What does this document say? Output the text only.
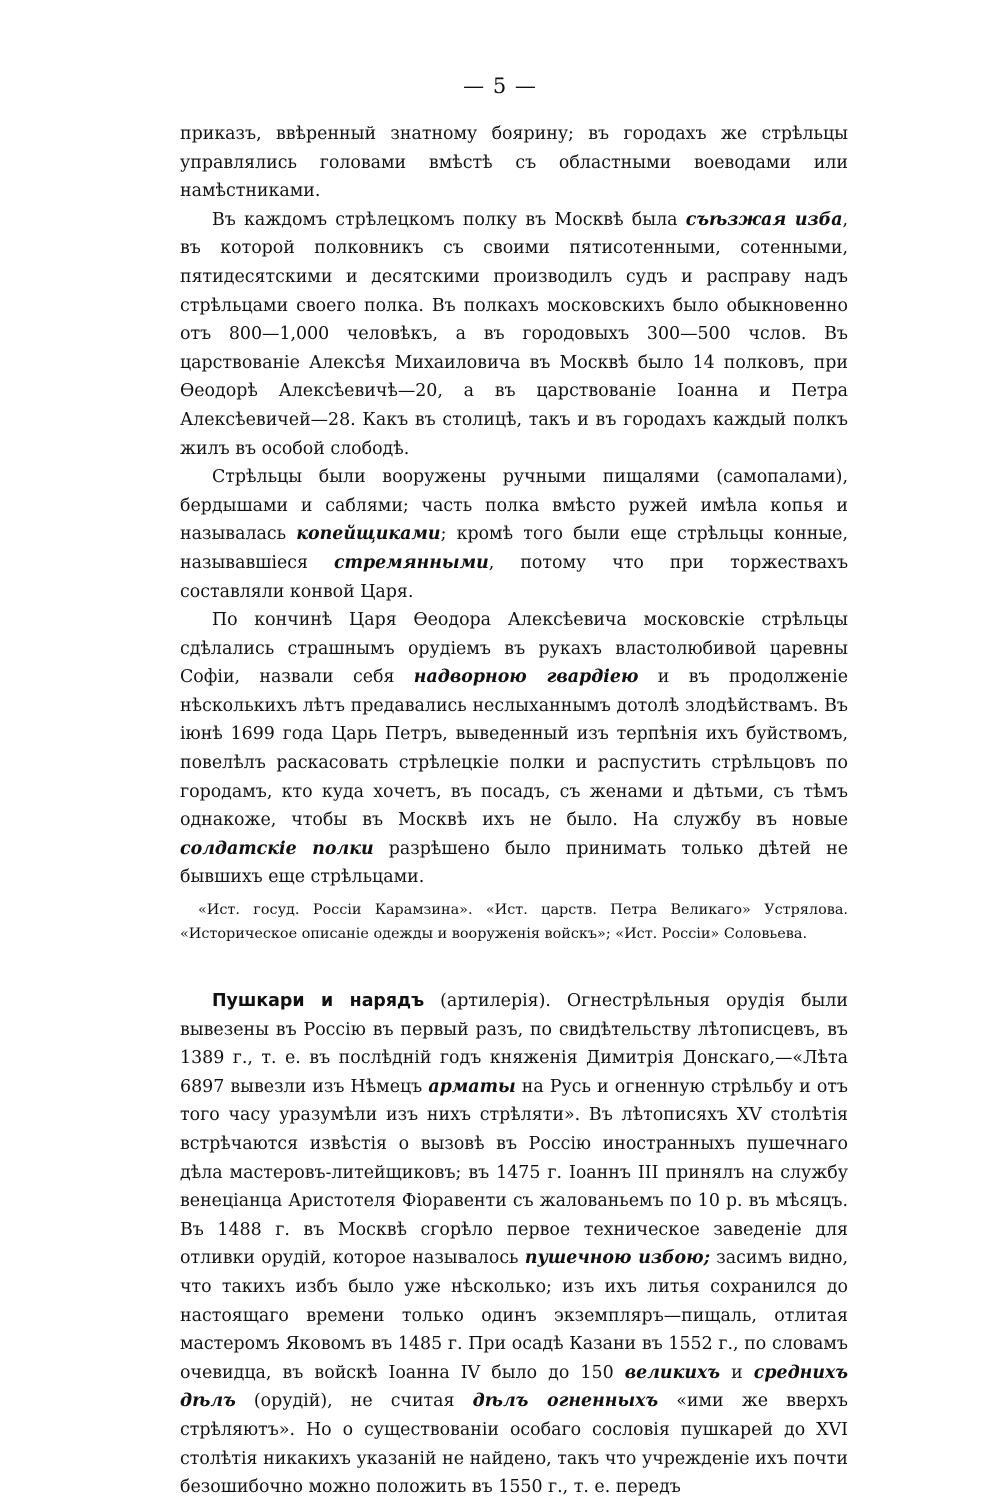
— 5 —

приказъ, ввѣренный знатному боярину; въ городахъ же стрѣльцы управлялись головами вмѣстѣ съ областными воеводами или намѣстниками.

Въ каждомъ стрѣлецкомъ полку въ Москвѣ была съѣзжая изба, въ которой полковникъ съ своими пятисотенными, сотенными, пятидесятскими и десятскими производилъ судъ и расправу надъ стрѣльцами своего полка. Въ полкахъ московскихъ было обыкновенно отъ 800—1,000 человѣкъ, а въ городовыхъ 300—500 чслов. Въ царствованіе Алексѣя Михаиловича въ Москвѣ было 14 полковъ, при Ѳеодорѣ Алексѣевичѣ—20, а въ царствованіе Іоанна и Петра Алексѣевичей—28. Какъ въ столицѣ, такъ и въ городахъ каждый полкъ жилъ въ особой слободѣ.

Стрѣльцы были вооружены ручными пищалями (самопалами), бердышами и саблями; часть полка вмѣсто ружей имѣла копья и называлась копейщиками; кромѣ того были еще стрѣльцы конные, называвшіеся стремянными, потому что при торжествахъ составляли конвой Царя.

По кончинѣ Царя Ѳеодора Алексѣевича московскіе стрѣльцы сдѣлались страшнымъ орудіемъ въ рукахъ властолюбивой царевны Софіи, назвали себя надворною гвардіею и въ продолженіе нѣсколькихъ лѣтъ предавались неслыханнымъ дотолѣ злодѣйствамъ. Въ іюнѣ 1699 года Царь Петръ, выведенный изъ терпѣнія ихъ буйствомъ, повелѣлъ раскасовать стрѣлецкіе полки и распустить стрѣльцовъ по городамъ, кто куда хочетъ, въ посадъ, съ женами и дѣтьми, съ тѣмъ однакоже, чтобы въ Москвѣ ихъ не было. На службу въ новые солдатскіе полки разрѣшено было принимать только дѣтей не бывшихъ еще стрѣльцами.

«Ист. госуд. Россіи Карамзина». «Ист. царств. Петра Великаго» Устрялова. «Историческое описаніе одежды и вооруженія войскъ»; «Ист. Россіи» Соловьева.

Пушкари и нарядъ (артилерія). Огнестрѣльныя орудія были вывезены въ Россію въ первый разъ, по свидѣтельству лѣтописцевъ, въ 1389 г., т. е. въ послѣдній годъ княженія Димитрія Донскаго,—«Лѣта 6897 вывезли изъ Нѣмецъ арматы на Русь и огненную стрѣльбу и отъ того часу уразумѣли изъ нихъ стрѣляти». Въ лѣтописяхъ XV столѣтія встрѣчаются извѣстія о вызовѣ въ Россію иностранныхъ пушечнаго дѣла мастеровъ-литейщиковъ; въ 1475 г. Іоаннъ III принялъ на службу венеціанца Аристотеля Фіоравенти съ жалованьемъ по 10 р. въ мѣсяцъ. Въ 1488 г. въ Москвѣ сгорѣло первое техническое заведеніе для отливки орудій, которое называлось пушечною избою; засимъ видно, что такихъ избъ было уже нѣсколько; изъ ихъ литья сохранился до настоящаго времени только одинъ экземпляръ—пищаль, отлитая мастеромъ Яковомъ въ 1485 г. При осадѣ Казани въ 1552 г., по словамъ очевидца, въ войскѣ Іоанна IV было до 150 великихъ и среднихъ дѣлъ (орудій), не считая дѣлъ огненныхъ «ими же вверхъ стрѣляютъ». Но о существованіи особаго сословія пушкарей до XVI столѣтія никакихъ указаній не найдено, такъ что учрежденіе ихъ почти безошибочно можно положить въ 1550 г., т. е. передъ
